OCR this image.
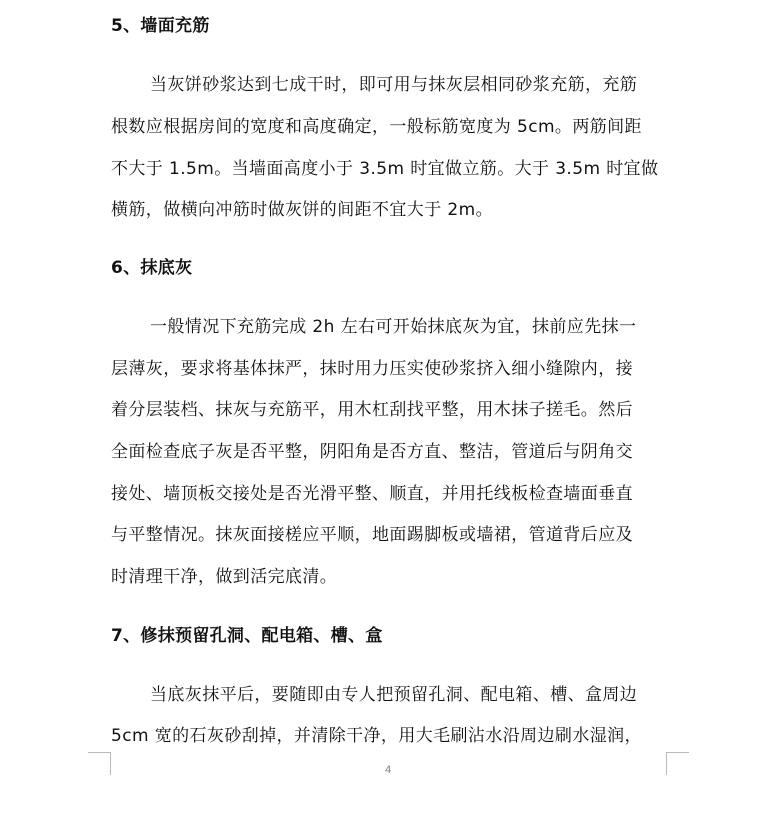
5、墙面充筋
当灰饼砂浆达到七成干时，即可用与抹灰层相同砂浆充筋，充筋
根数应根据房间的宽度和高度确定，一般标筋宽度为 5cm。两筋间距
不大于 1.5m。当墙面高度小于 3.5m 时宜做立筋。大于 3.5m 时宜做
横筋，做横向冲筋时做灰饼的间距不宜大于 2m。
6、抹底灰
一般情况下充筋完成 2h 左右可开始抹底灰为宜，抹前应先抹一
层薄灰，要求将基体抹严，抹时用力压实使砂浆挤入细小缝隙内，接
着分层装档、抹灰与充筋平，用木杠刮找平整，用木抹子搓毛。然后
全面检查底子灰是否平整，阴阳角是否方直、整洁，管道后与阴角交
接处、墙顶板交接处是否光滑平整、顺直，并用托线板检查墙面垂直
与平整情况。抹灰面接槎应平顺，地面踢脚板或墙裙，管道背后应及
时清理干净，做到活完底清。
7、修抹预留孔洞、配电箱、槽、盒
当底灰抹平后，要随即由专人把预留孔洞、配电箱、槽、盒周边
5cm 宽的石灰砂刮掉，并清除干净，用大毛刷沾水沿周边刷水湿润，
4
